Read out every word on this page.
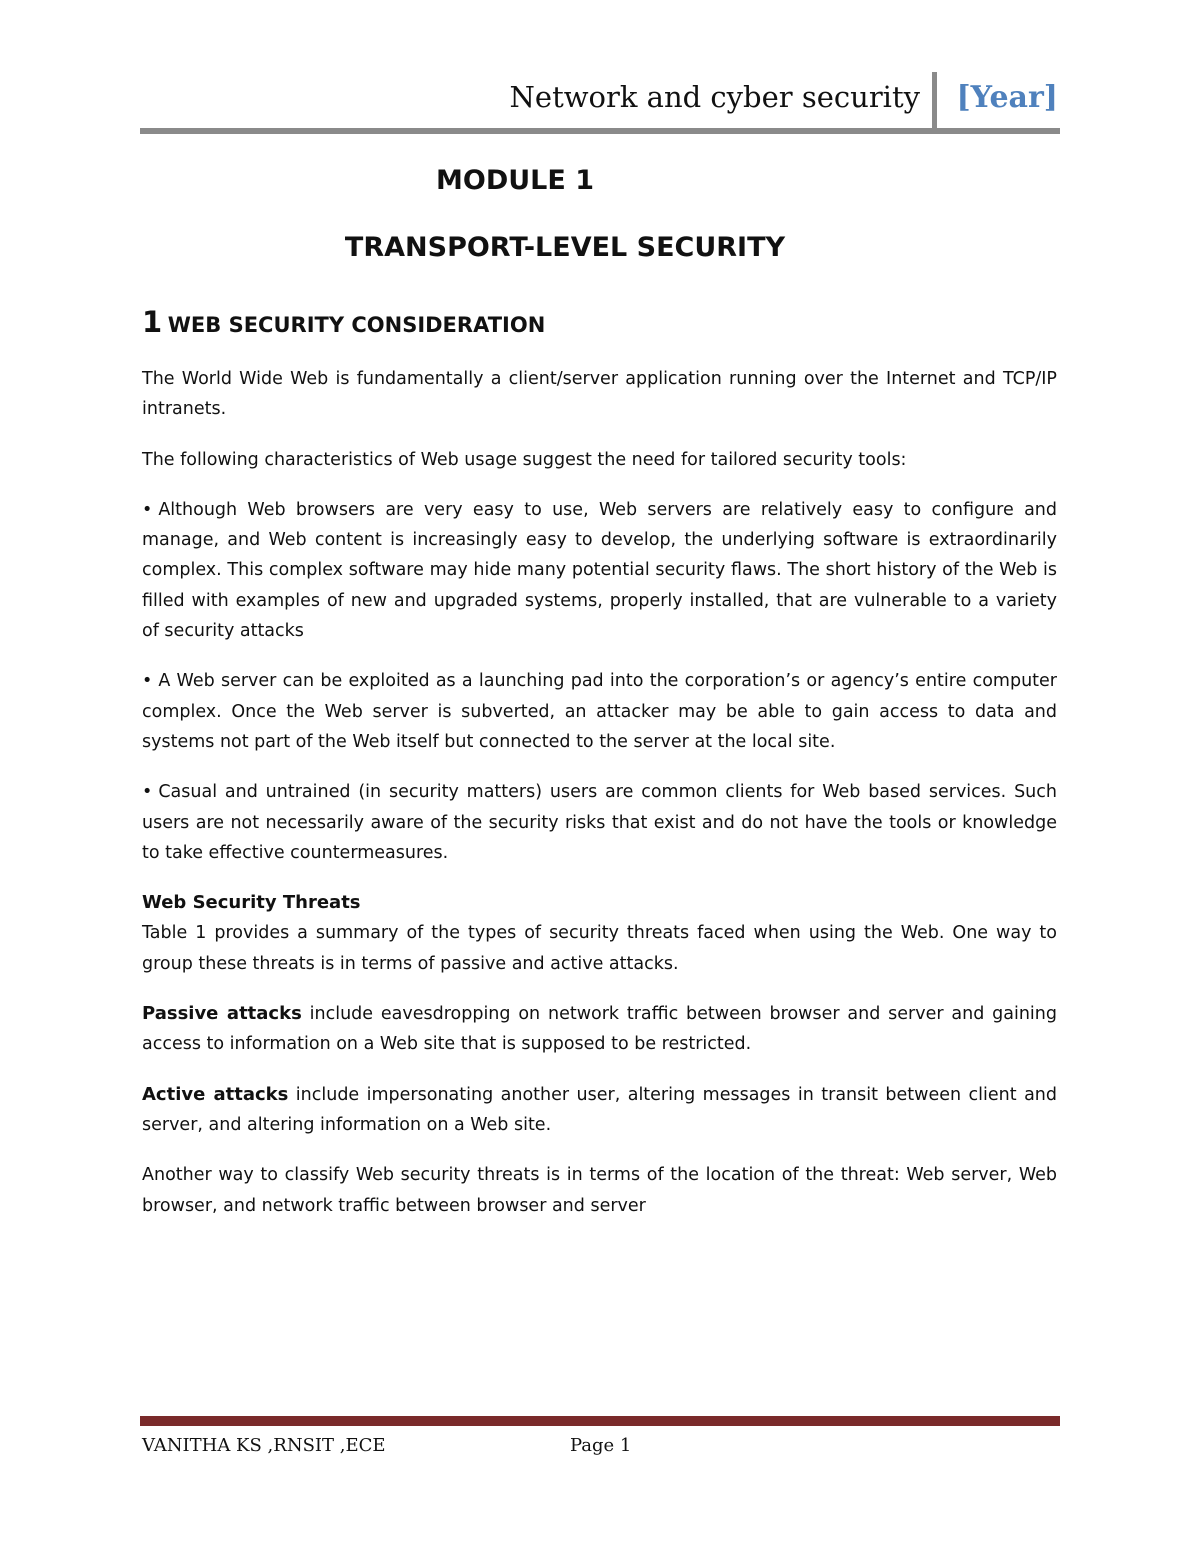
Network and cyber security [Year]
MODULE 1
TRANSPORT-LEVEL SECURITY
1 WEB SECURITY CONSIDERATION

The World Wide Web is fundamentally a client/server application running over the Internet and TCP/IP intranets.

The following characteristics of Web usage suggest the need for tailored security tools:

• Although Web browsers are very easy to use, Web servers are relatively easy to configure and manage, and Web content is increasingly easy to develop, the underlying software is extraordinarily complex. This complex software may hide many potential security flaws. The short history of the Web is filled with examples of new and upgraded systems, properly installed, that are vulnerable to a variety of security attacks

• A Web server can be exploited as a launching pad into the corporation’s or agency’s entire computer complex. Once the Web server is subverted, an attacker may be able to gain access to data and systems not part of the Web itself but connected to the server at the local site.

• Casual and untrained (in security matters) users are common clients for Web based services. Such users are not necessarily aware of the security risks that exist and do not have the tools or knowledge to take effective countermeasures.

Web Security Threats

Table 1 provides a summary of the types of security threats faced when using the Web. One way to group these threats is in terms of passive and active attacks.

Passive attacks include eavesdropping on network traffic between browser and server and gaining access to information on a Web site that is supposed to be restricted.

Active attacks include impersonating another user, altering messages in transit between client and server, and altering information on a Web site.

Another way to classify Web security threats is in terms of the location of the threat: Web server, Web browser, and network traffic between browser and server

VANITHA KS ,RNSIT ,ECE	Page 1
